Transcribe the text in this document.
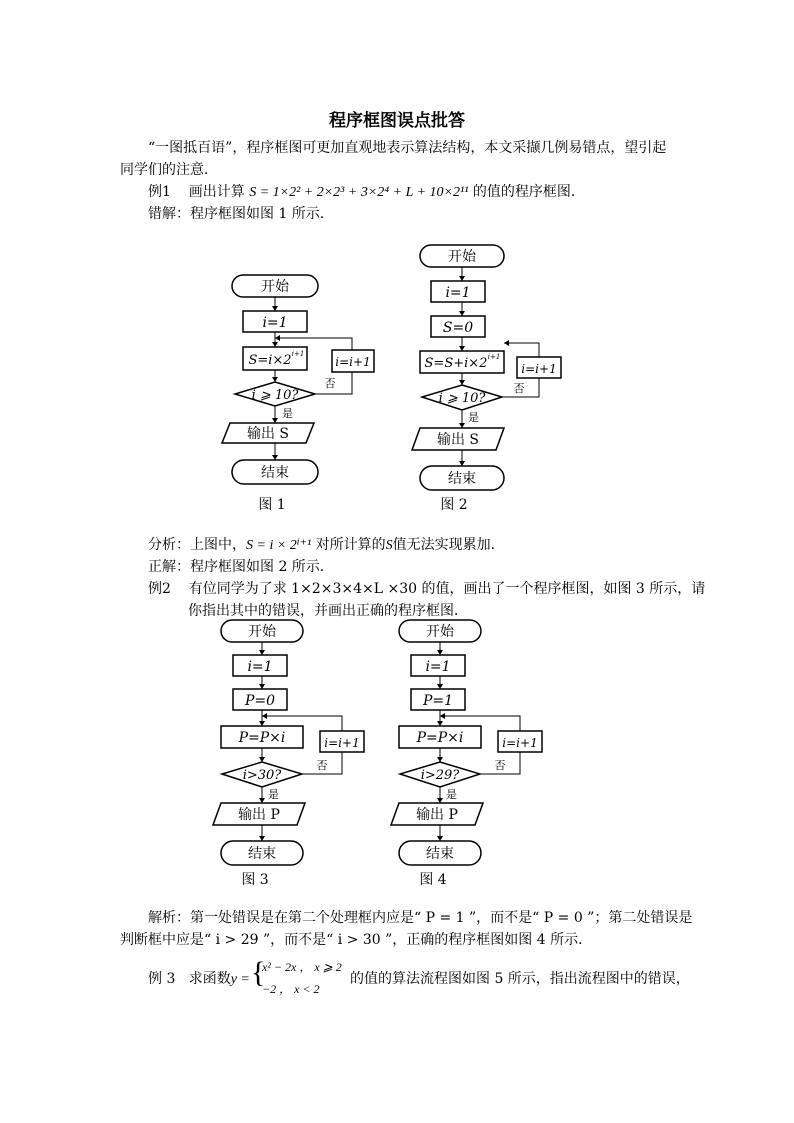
程序框图误点批答
“一图抵百语”，程序框图可更加直观地表示算法结构，本文采撷几例易错点，望引起
同学们的注意．
例1 画出计算 S = 1×2² + 2×2³ + 3×2⁴ + L + 10×2¹¹ 的值的程序框图．
错解：程序框图如图 1 所示．
开始
i=1
S=i×2 i+1
i ⩾ 10?
i=i+1
否
是
输出 S
结束
图 1
开始
i=1
S=0
S=S+i×2 i+1
i ⩾ 10?
i=i+1
否
是
输出 S
结束
图 2
分析：上图中，S = i × 2ⁱ⁺¹ 对所计算的S值无法实现累加．
正解：程序框图如图 2 所示．
例2 有位同学为了求 1×2×3×4×L ×30 的值，画出了一个程序框图，如图 3 所示，请
你指出其中的错误，并画出正确的程序框图．
开始
i=1
P=0
P=P×i
i>30?
i=i+1
否
是
输出 P
结束
图 3
开始
i=1
P=1
P=P×i
i>29?
i=i+1
否
是
输出 P
结束
图 4
解析：第一处错误是在第二个处理框内应是“ P = 1 ”，而不是“ P = 0 ”；第二处错误是
判断框中应是“ i > 29 ”，而不是“ i > 30 ”，正确的程序框图如图 4 所示．
例 3 求函数y = {
x² − 2x ， x ⩾ 2
−2 ， x < 2
的值的算法流程图如图 5 所示，指出流程图中的错误，
